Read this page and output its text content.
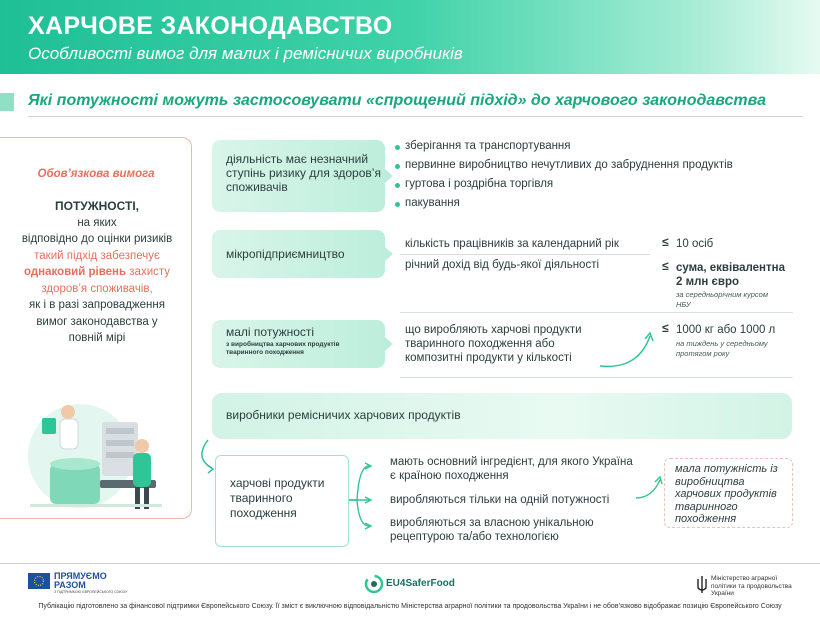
ХАРЧОВЕ ЗАКОНОДАВСТВО
Особливості вимог для малих і ремісничих виробників
Які потужності можуть застосовувати «спрощений підхід» до харчового законодавства
Обов’язкова вимога
ПОТУЖНОСТІ,
на яких
відповідно до оцінки ризиків
такий підхід забезпечує
однаковий рівень захисту
здоров’я споживачів,
як і в разі запровадження
вимог законодавства у
повній мірі
діяльність має незначний ступінь ризику для здоров’я споживачів
зберігання та транспортування
первинне виробництво нечутливих до забруднення продуктів
гуртова і роздрібна торгівля
пакування
мікропідприємництво
кількість працівників за календарний рік	≤ 10 осіб
річний дохід від будь-якої діяльності	≤ сума, еквівалентна 2 млн євро
за середньорічним курсом НБУ
малі потужності
з виробництва харчових продуктів тваринного походження
що виробляють харчові продукти тваринного походження або композитні продукти у кількості
≤ 1000 кг або 1000 л
на тиждень у середньому протягом року
виробники ремісничих харчових продуктів
харчові продукти тваринного походження
мають основний інгредієнт, для якого Україна є країною походження
виробляються тільки на одній потужності
виробляються за власною унікальною рецептурою та/або технологією
мала потужність із виробництва харчових продуктів тваринного походження
ПРЯМУЄМО РАЗОМ
З ПІДТРИМКОЮ ЄВРОПЕЙСЬКОГО СОЮЗУ
EU4SaferFood	Міністерство аграрної політики та продовольства України
Публікацію підготовлено за фінансової підтримки Європейського Союзу. Її зміст є виключною відповідальністю Міністерства аграрної політики та продовольства України і не обов’язково відображає позицію Європейського Союзу
